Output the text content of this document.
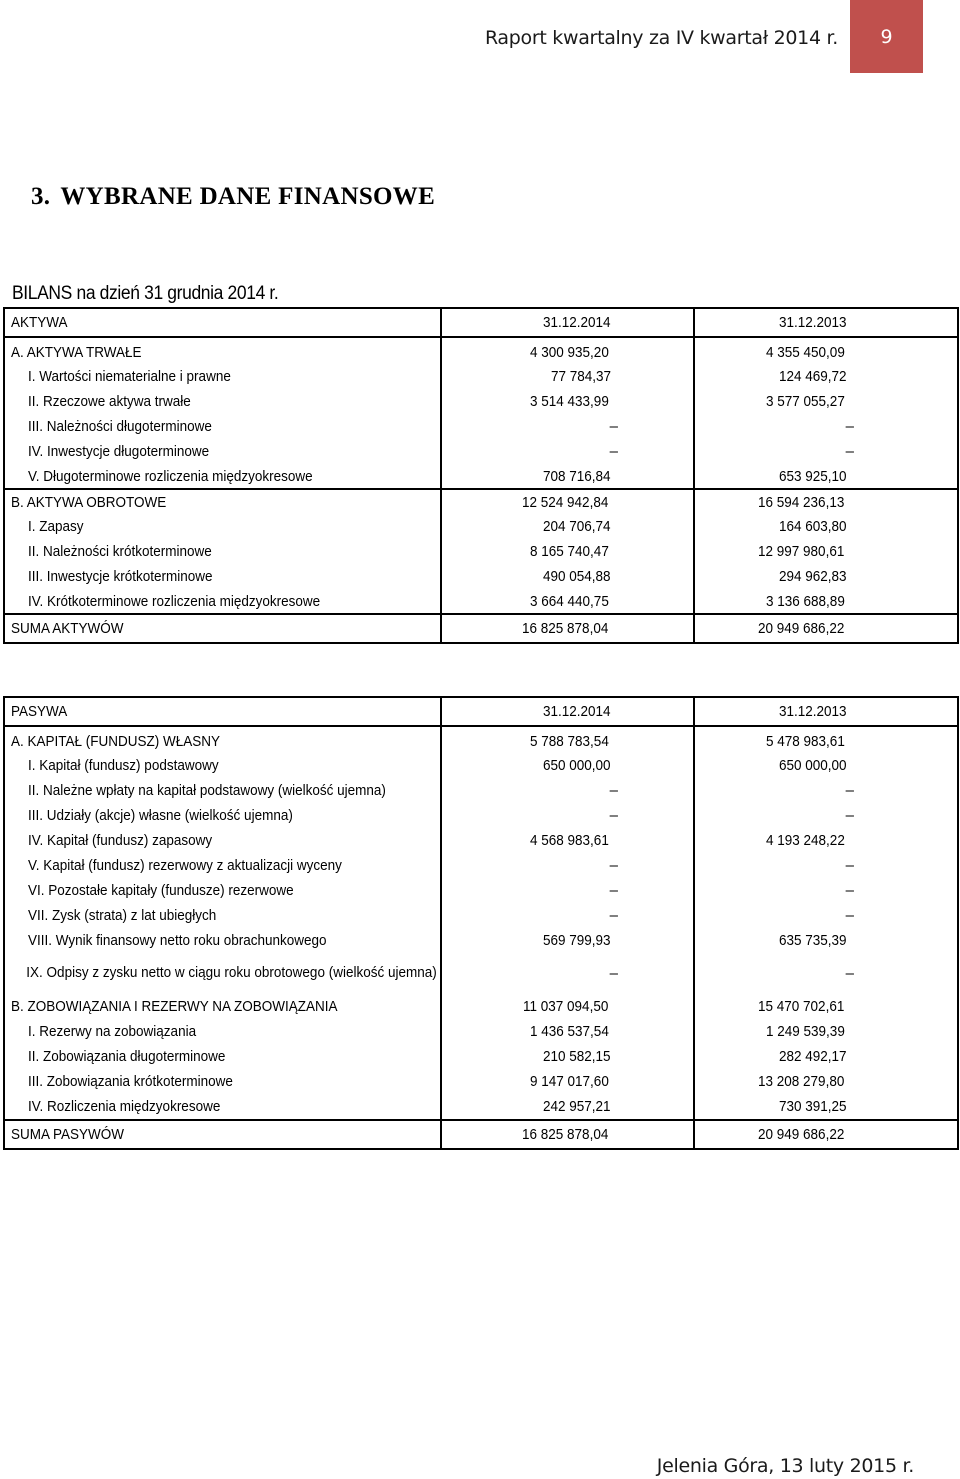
Raport kwartalny za IV kwartał 2014 r.	9
3. WYBRANE DANE FINANSOWE
BILANS na dzień 31 grudnia 2014 r.
AKTYWA	31.12.2014	31.12.2013
A. AKTYWA TRWAŁE	4 300 935,20	4 355 450,09
I. Wartości niematerialne i prawne	77 784,37	124 469,72
II. Rzeczowe aktywa trwałe	3 514 433,99	3 577 055,27
III. Należności długoterminowe	–	–
IV. Inwestycje długoterminowe	–	–
V. Długoterminowe rozliczenia międzyokresowe	708 716,84	653 925,10
B. AKTYWA OBROTOWE	12 524 942,84	16 594 236,13
I. Zapasy	204 706,74	164 603,80
II. Należności krótkoterminowe	8 165 740,47	12 997 980,61
III. Inwestycje krótkoterminowe	490 054,88	294 962,83
IV. Krótkoterminowe rozliczenia międzyokresowe	3 664 440,75	3 136 688,89
SUMA AKTYWÓW	16 825 878,04	20 949 686,22
PASYWA	31.12.2014	31.12.2013
A. KAPITAŁ (FUNDUSZ) WŁASNY	5 788 783,54	5 478 983,61
I. Kapitał (fundusz) podstawowy	650 000,00	650 000,00
II. Należne wpłaty na kapitał podstawowy (wielkość ujemna)	–	–
III. Udziały (akcje) własne (wielkość ujemna)	–	–
IV. Kapitał (fundusz) zapasowy	4 568 983,61	4 193 248,22
V. Kapitał (fundusz) rezerwowy z aktualizacji wyceny	–	–
VI. Pozostałe kapitały (fundusze) rezerwowe	–	–
VII. Zysk (strata) z lat ubiegłych	–	–
VIII. Wynik finansowy netto roku obrachunkowego	569 799,93	635 735,39
IX. Odpisy z zysku netto w ciągu roku obrotowego (wielkość ujemna)	–	–
B. ZOBOWIĄZANIA I REZERWY NA ZOBOWIĄZANIA	11 037 094,50	15 470 702,61
I. Rezerwy na zobowiązania	1 436 537,54	1 249 539,39
II. Zobowiązania długoterminowe	210 582,15	282 492,17
III. Zobowiązania krótkoterminowe	9 147 017,60	13 208 279,80
IV. Rozliczenia międzyokresowe	242 957,21	730 391,25
SUMA PASYWÓW	16 825 878,04	20 949 686,22
Jelenia Góra, 13 luty 2015 r.
